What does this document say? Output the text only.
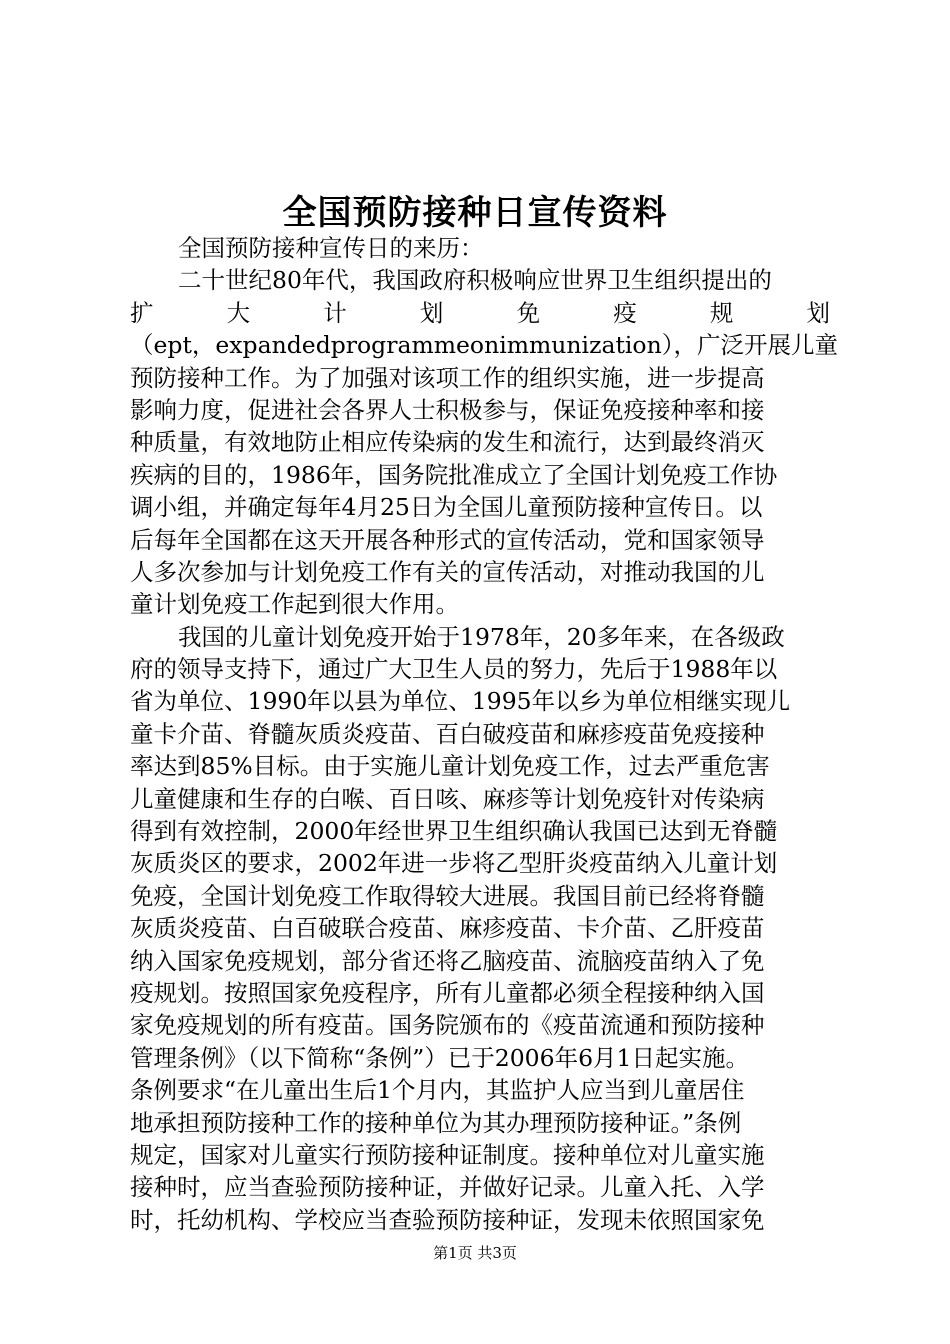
全国预防接种日宣传资料
全国预防接种宣传日的来历：
二十世纪80年代，我国政府积极响应世界卫生组织提出的
扩	大	计	划	免	疫	规	划
（ept，expandedprogrammeonimmunization），广泛开展儿童
预防接种工作。为了加强对该项工作的组织实施，进一步提高
影响力度，促进社会各界人士积极参与，保证免疫接种率和接
种质量，有效地防止相应传染病的发生和流行，达到最终消灭
疾病的目的，1986年，国务院批准成立了全国计划免疫工作协
调小组，并确定每年4月25日为全国儿童预防接种宣传日。以
后每年全国都在这天开展各种形式的宣传活动，党和国家领导
人多次参加与计划免疫工作有关的宣传活动，对推动我国的儿
童计划免疫工作起到很大作用。
我国的儿童计划免疫开始于1978年，20多年来，在各级政
府的领导支持下，通过广大卫生人员的努力，先后于1988年以
省为单位、1990年以县为单位、1995年以乡为单位相继实现儿
童卡介苗、脊髓灰质炎疫苗、百白破疫苗和麻疹疫苗免疫接种
率达到85%目标。由于实施儿童计划免疫工作，过去严重危害
儿童健康和生存的白喉、百日咳、麻疹等计划免疫针对传染病
得到有效控制，2000年经世界卫生组织确认我国已达到无脊髓
灰质炎区的要求，2002年进一步将乙型肝炎疫苗纳入儿童计划
免疫，全国计划免疫工作取得较大进展。我国目前已经将脊髓
灰质炎疫苗、白百破联合疫苗、麻疹疫苗、卡介苗、乙肝疫苗
纳入国家免疫规划，部分省还将乙脑疫苗、流脑疫苗纳入了免
疫规划。按照国家免疫程序，所有儿童都必须全程接种纳入国
家免疫规划的所有疫苗。国务院颁布的《疫苗流通和预防接种
管理条例》（以下简称“条例”）已于2006年6月1日起实施。
条例要求“在儿童出生后1个月内，其监护人应当到儿童居住
地承担预防接种工作的接种单位为其办理预防接种证。”条例
规定，国家对儿童实行预防接种证制度。接种单位对儿童实施
接种时，应当查验预防接种证，并做好记录。儿童入托、入学
时，托幼机构、学校应当查验预防接种证，发现未依照国家免
第1页 共3页
